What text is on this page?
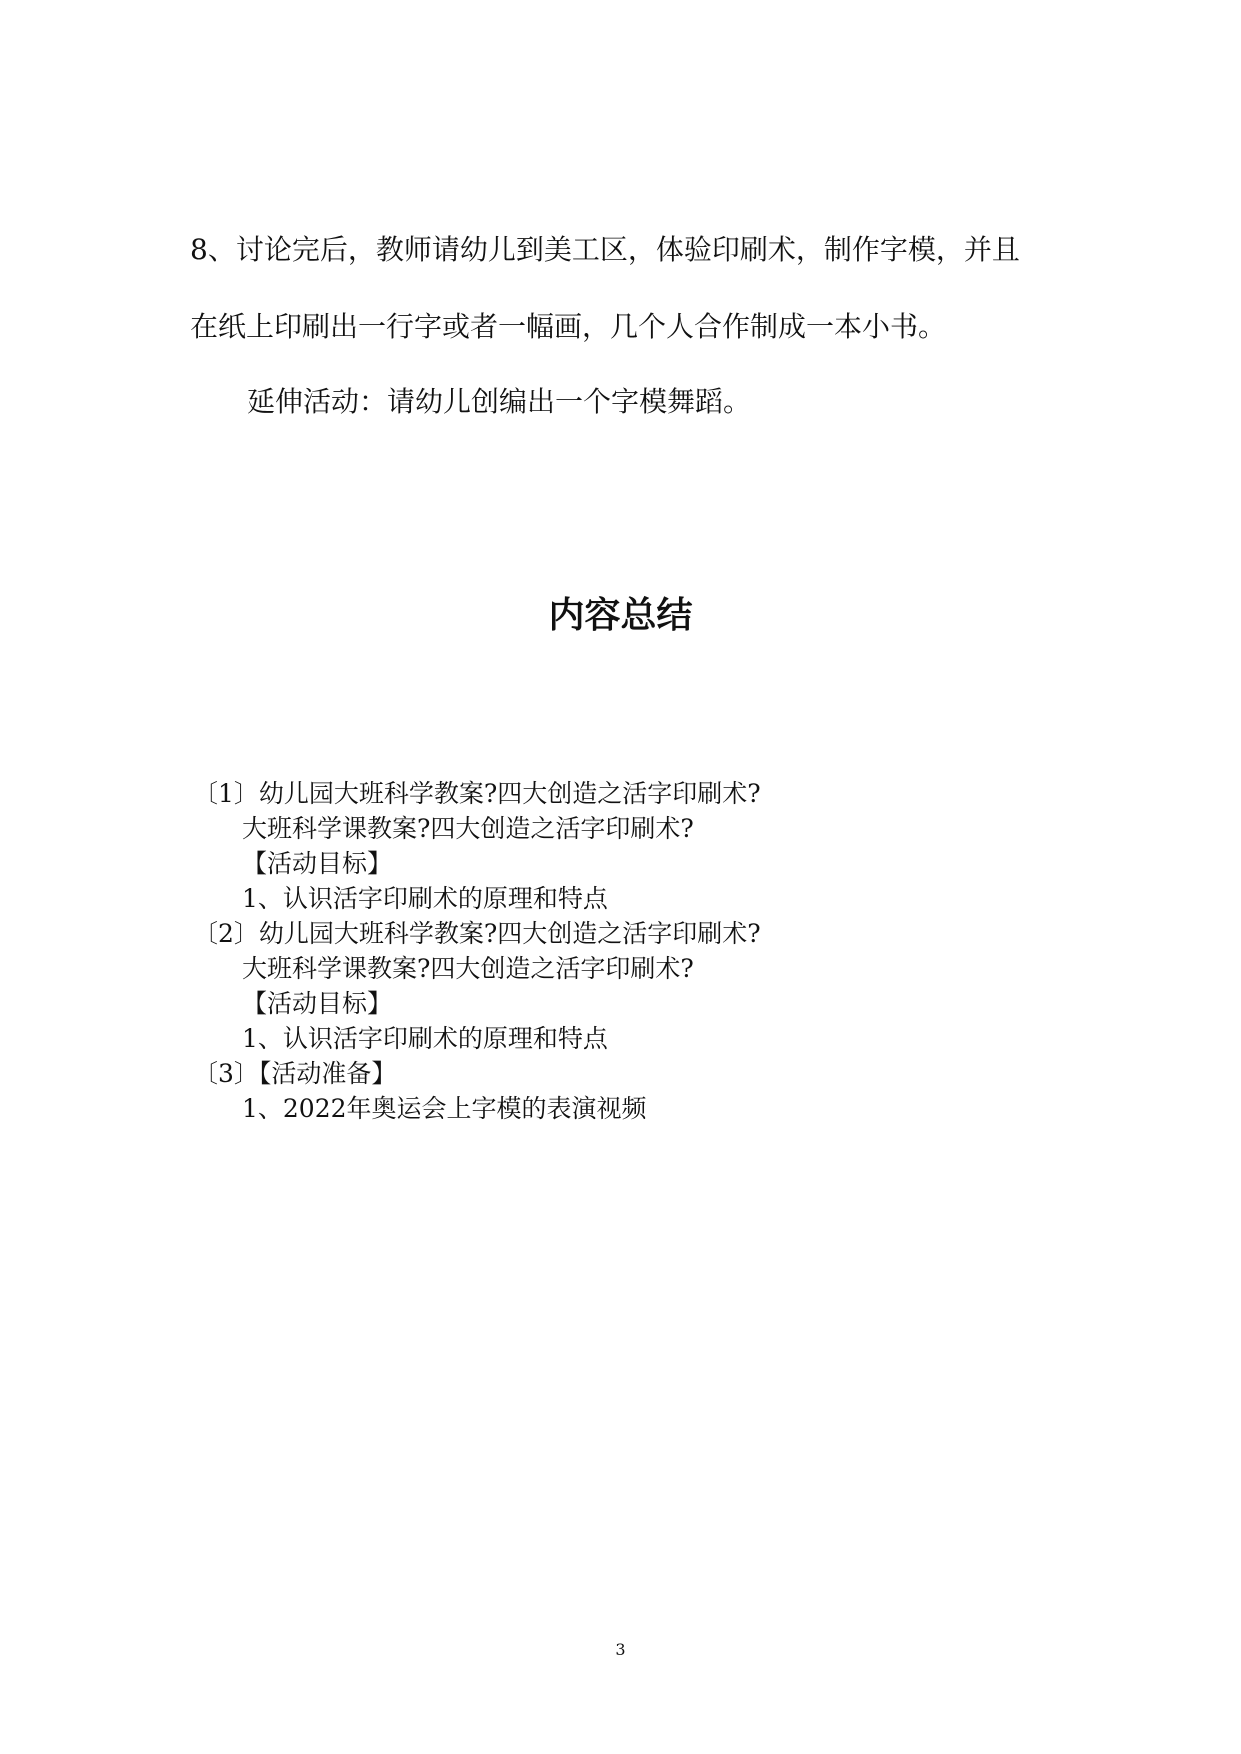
8、讨论完后，教师请幼儿到美工区，体验印刷术，制作字模，并且
在纸上印刷出一行字或者一幅画，几个人合作制成一本小书。
延伸活动：请幼儿创编出一个字模舞蹈。
内容总结
〔1〕幼儿园大班科学教案?四大创造之活字印刷术?
大班科学课教案?四大创造之活字印刷术?
【活动目标】
1、认识活字印刷术的原理和特点
〔2〕幼儿园大班科学教案?四大创造之活字印刷术?
大班科学课教案?四大创造之活字印刷术?
【活动目标】
1、认识活字印刷术的原理和特点
〔3〕【活动准备】
1、2022年奥运会上字模的表演视频
3
